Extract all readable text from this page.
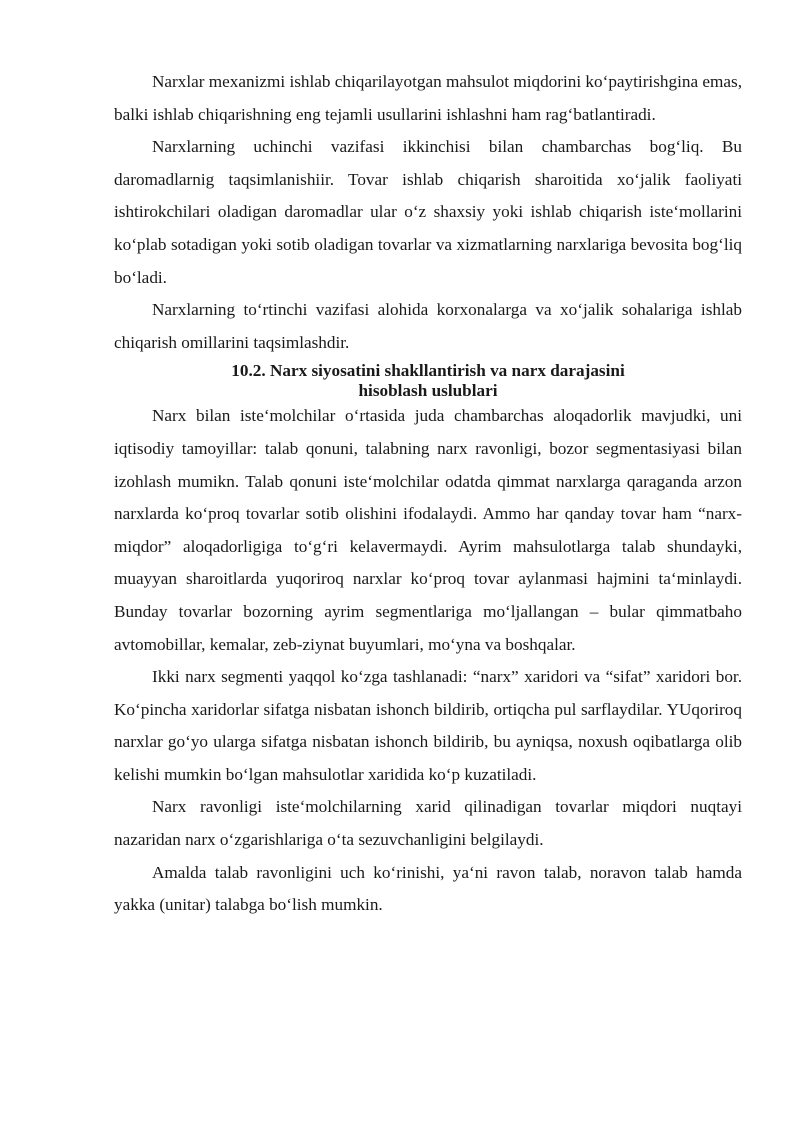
Narxlar mexanizmi ishlab chiqarilayotgan mahsulot miqdorini ko‘paytirishgina emas, balki ishlab chiqarishning eng tejamli usullarini ishlashni ham rag‘batlantiradi.

Narxlarning uchinchi vazifasi ikkinchisi bilan chambarchas bog‘liq. Bu daromadlarnig taqsimlanishiir. Tovar ishlab chiqarish sharoitida xo‘jalik faoliyati ishtirokchilari oladigan daromadlar ular o‘z shaxsiy yoki ishlab chiqarish iste‘mollarini ko‘plab sotadigan yoki sotib oladigan tovarlar va xizmatlarning narxlariga bevosita bog‘liq bo‘ladi.

Narxlarning to‘rtinchi vazifasi alohida korxonalarga va xo‘jalik sohalariga ishlab chiqarish omillarini taqsimlashdir.

10.2. Narx siyosatini shakllantirish va narx darajasini
hisoblash uslublari

Narx bilan iste‘molchilar o‘rtasida juda chambarchas aloqadorlik mavjudki, uni iqtisodiy tamoyillar: talab qonuni, talabning narx ravonligi, bozor segmentasiyasi bilan izohlash mumikn. Talab qonuni iste‘molchilar odatda qimmat narxlarga qaraganda arzon narxlarda ko‘proq tovarlar sotib olishini ifodalaydi. Ammo har qanday tovar ham “narx-miqdor” aloqadorligiga to‘g‘ri kelavermaydi. Ayrim mahsulotlarga talab shundayki, muayyan sharoitlarda yuqoriroq narxlar ko‘proq tovar aylanmasi hajmini ta‘minlaydi. Bunday tovarlar bozorning ayrim segmentlariga mo‘ljallangan – bular qimmatbaho avtomobillar, kemalar, zeb-ziynat buyumlari, mo‘yna va boshqalar.

Ikki narx segmenti yaqqol ko‘zga tashlanadi: “narx” xaridori va “sifat” xaridori bor. Ko‘pincha xaridorlar sifatga nisbatan ishonch bildirib, ortiqcha pul sarflaydilar. YUqoriroq narxlar go‘yo ularga sifatga nisbatan ishonch bildirib, bu ayniqsa, noxush oqibatlarga olib kelishi mumkin bo‘lgan mahsulotlar xaridida ko‘p kuzatiladi.

Narx ravonligi iste‘molchilarning xarid qilinadigan tovarlar miqdori nuqtayi nazaridan narx o‘zgarishlariga o‘ta sezuvchanligini belgilaydi.

Amalda talab ravonligini uch ko‘rinishi, ya‘ni ravon talab, noravon talab hamda yakka (unitar) talabga bo‘lish mumkin.
